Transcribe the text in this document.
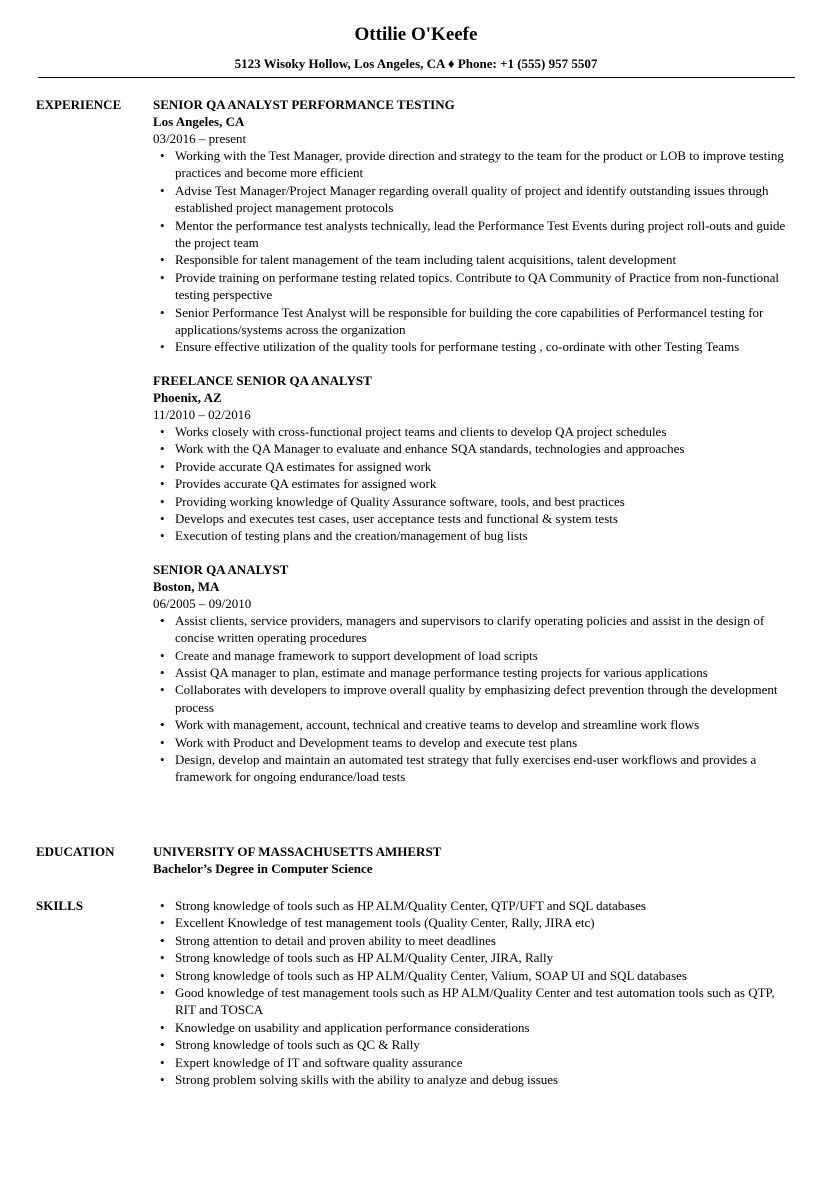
Ottilie O'Keefe
5123 Wisoky Hollow, Los Angeles, CA ♦ Phone: +1 (555) 957 5507
EXPERIENCE SENIOR QA ANALYST PERFORMANCE TESTING
Los Angeles, CA
03/2016 – present
• Working with the Test Manager, provide direction and strategy to the team for the product or LOB to improve testing practices and become more efficient
• Advise Test Manager/Project Manager regarding overall quality of project and identify outstanding issues through established project management protocols
• Mentor the performance test analysts technically, lead the Performance Test Events during project roll-outs and guide the project team
• Responsible for talent management of the team including talent acquisitions, talent development
• Provide training on performane testing related topics. Contribute to QA Community of Practice from non-functional testing perspective
• Senior Performance Test Analyst will be responsible for building the core capabilities of Performancel testing for applications/systems across the organization
• Ensure effective utilization of the quality tools for performane testing , co-ordinate with other Testing Teams
FREELANCE SENIOR QA ANALYST
Phoenix, AZ
11/2010 – 02/2016
• Works closely with cross-functional project teams and clients to develop QA project schedules
• Work with the QA Manager to evaluate and enhance SQA standards, technologies and approaches
• Provide accurate QA estimates for assigned work
• Provides accurate QA estimates for assigned work
• Providing working knowledge of Quality Assurance software, tools, and best practices
• Develops and executes test cases, user acceptance tests and functional & system tests
• Execution of testing plans and the creation/management of bug lists
SENIOR QA ANALYST
Boston, MA
06/2005 – 09/2010
• Assist clients, service providers, managers and supervisors to clarify operating policies and assist in the design of concise written operating procedures
• Create and manage framework to support development of load scripts
• Assist QA manager to plan, estimate and manage performance testing projects for various applications
• Collaborates with developers to improve overall quality by emphasizing defect prevention through the development process
• Work with management, account, technical and creative teams to develop and streamline work flows
• Work with Product and Development teams to develop and execute test plans
• Design, develop and maintain an automated test strategy that fully exercises end-user workflows and provides a framework for ongoing endurance/load tests
EDUCATION	UNIVERSITY OF MASSACHUSETTS AMHERST
Bachelor’s Degree in Computer Science
SKILLS
•	Strong knowledge of tools such as HP ALM/Quality Center, QTP/UFT and SQL databases
• Excellent Knowledge of test management tools (Quality Center, Rally, JIRA etc)
• Strong attention to detail and proven ability to meet deadlines
• Strong knowledge of tools such as HP ALM/Quality Center, JIRA, Rally
• Strong knowledge of tools such as HP ALM/Quality Center, Valium, SOAP UI and SQL databases
• Good knowledge of test management tools such as HP ALM/Quality Center and test automation tools such as QTP, RIT and TOSCA
• Knowledge on usability and application performance considerations
• Strong knowledge of tools such as QC & Rally
• Expert knowledge of IT and software quality assurance
• Strong problem solving skills with the ability to analyze and debug issues
